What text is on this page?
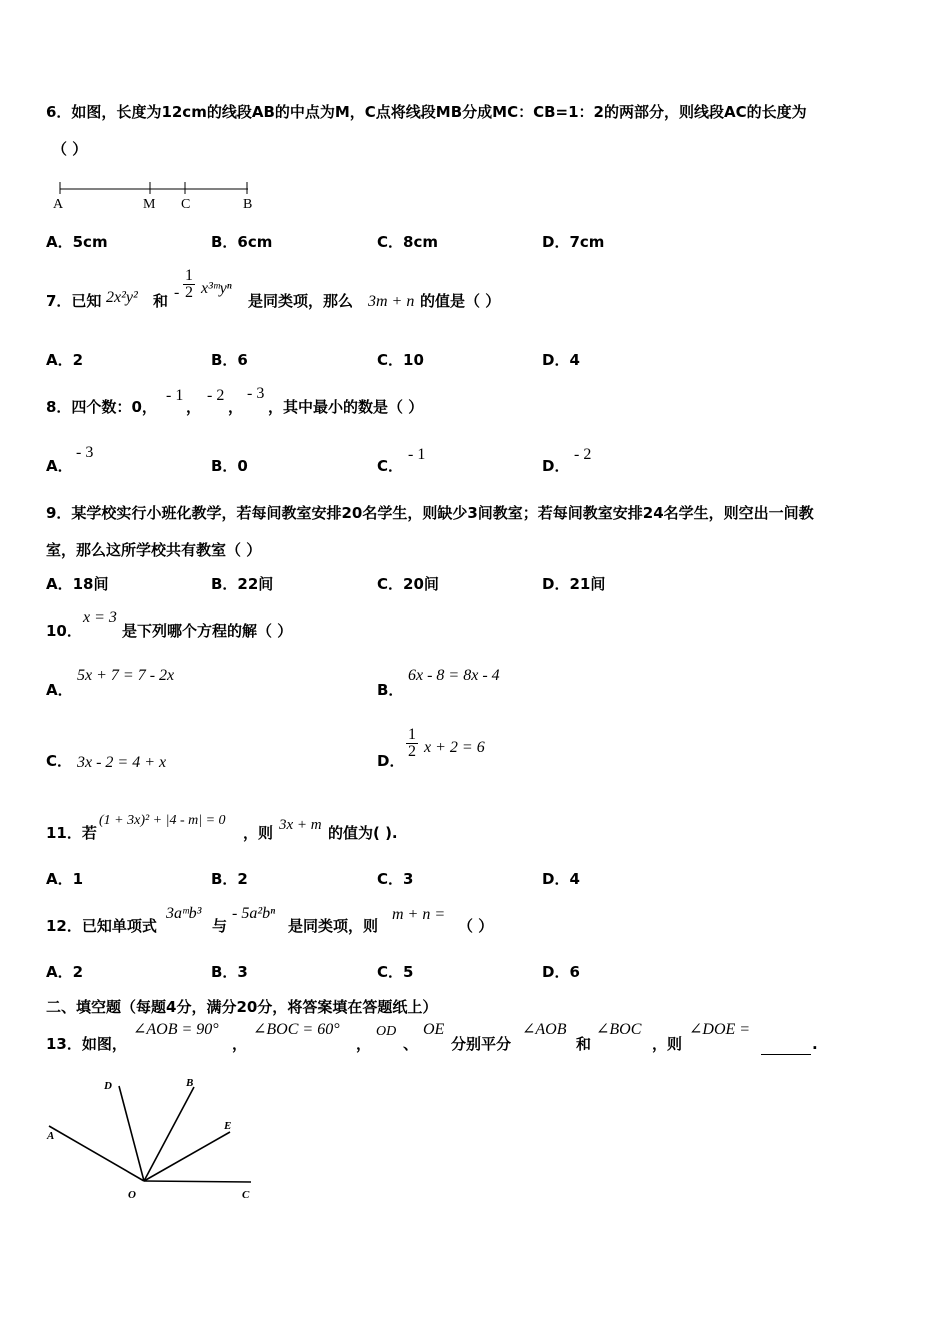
6．如图，长度为12cm的线段AB的中点为M，C点将线段MB分成MC：CB=1：2的两部分，则线段AC的长度为
（ ）
A	M C	B
A．5cm	B．6cm	C．8cm	D．7cm
7．已知 2x²y² 和 - $\frac{1}{2}$ x³ᵐyⁿ
是同类项，那么 3m + n 的值是（ ）
A．2	B．6	C．10	D．4
8．四个数：0，
- 1
，
- 2
，
- 3
，其中最小的数是（ ）
A．
- 3
B．0	C．
- 1
D．
- 2
9．某学校实行小班化教学，若每间教室安排20名学生，则缺少3间教室；若每间教室安排24名学生，则空出一间教
室，那么这所学校共有教室（ ）
A．18间	B．22间	C．20间	D．21间
10．
x = 3
是下列哪个方程的解（ ）
A．
5x + 7 = 7 - 2x
B．
6x - 8 = 8x - 4
C． 3x - 2 = 4 + x	D．
$\frac{1}{2}$ x + 2 = 6
11．若
(1 + 3x)² + |4 - m| = 0
，则 3x + m 的值为( ).
A．1	B．2	C．3	D．4
12．已知单项式
3aᵐb³
与
- 5a²bⁿ
是同类项，则
m + n =
（ ）
A．2	B．3	C．5	D．6
二、填空题（每题4分，满分20分，将答案填在答题纸上）
13．如图，
∠AOB = 90°
，
∠BOC = 60°
，
OD
、
OE
分别平分
∠AOB
和
∠BOC
，则
∠DOE =
.
D	B
E
A
O	C
